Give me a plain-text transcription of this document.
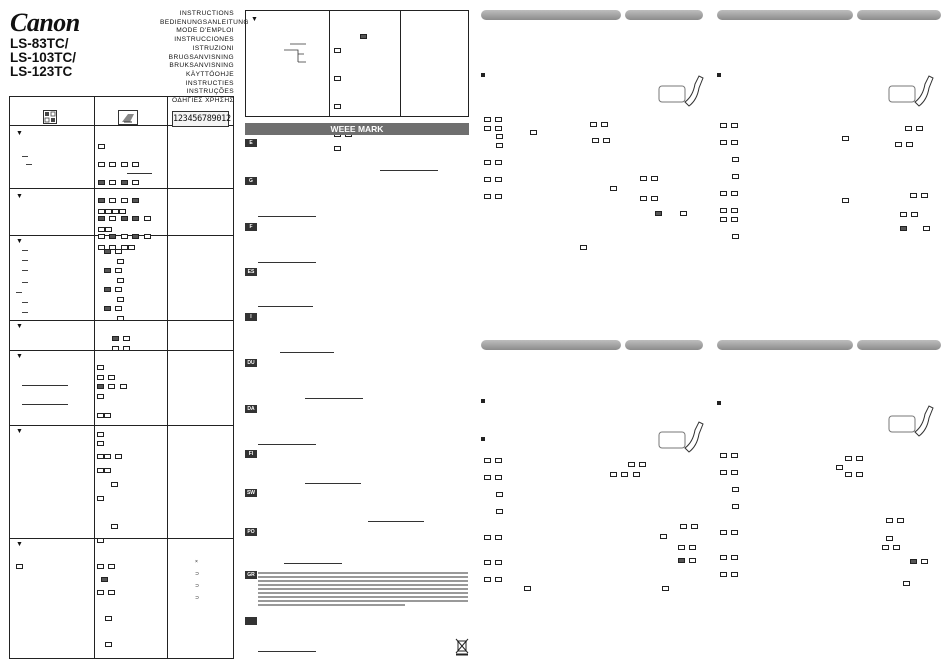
Canon
LS-83TC/
LS-103TC/
LS-123TC
INSTRUCTIONS
BEDIENUNGSANLEITUNG
MODE D'EMPLOI
INSTRUCCIONES
ISTRUZIONI
BRUGSANVISNING
BRUKSANVISNING
KÄYTTÖOHJE
INSTRUCTIES
INSTRUÇÕES
ΟΔΗΓΙΕΣ ΧΡΗΣΗΣ
123456789012
▼
▼
▼
▼
▼
▼
▼

×
⊃
⊃
⊃
▼

WEEE MARK
E
G
F
ES
I
DU
DA
FI
SW
PO
GR
